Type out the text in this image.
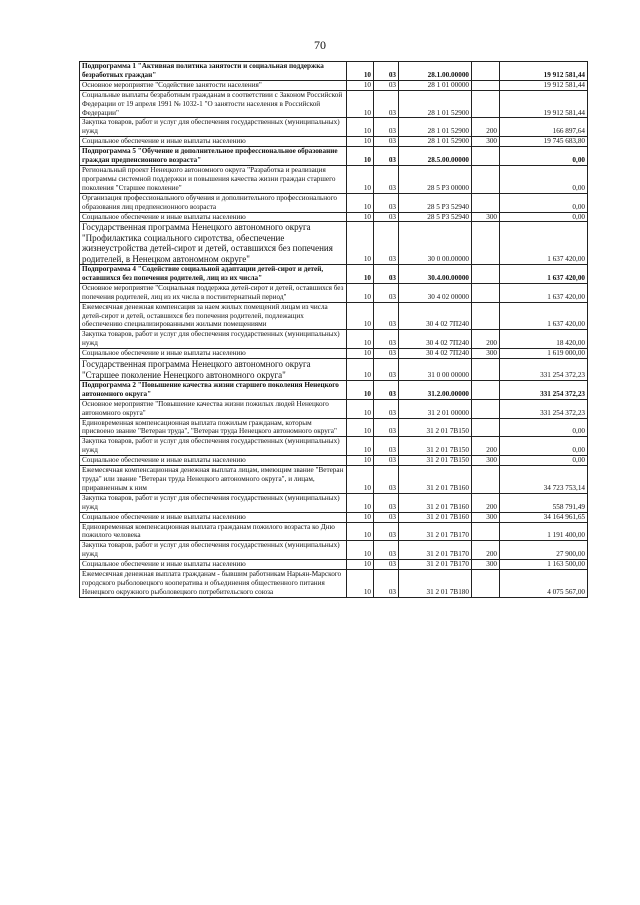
70
Подпрограмма 1 "Активная политика занятости и социальная поддержка безработных граждан"	10	03	28.1.00.00000		19 912 581,44
Основное мероприятие "Содействие занятости населения"	10	03	28 1 01 00000		19 912 581,44
Социальные выплаты безработным гражданам в соответствии с Законом Российской Федерации от 19 апреля 1991 № 1032-1 "О занятости населения в Российской Федерации"	10	03	28 1 01 52900		19 912 581,44
Закупка товаров, работ и услуг для обеспечения государственных (муниципальных) нужд	10	03	28 1 01 52900	200	166 897,64
Социальное обеспечение и иные выплаты населению	10	03	28 1 01 52900	300	19 745 683,80
Подпрограмма 5 "Обучение и дополнительное профессиональное образование граждан предпенсионного возраста"	10	03	28.5.00.00000		0,00
Региональный проект Ненецкого автономного округа "Разработка и реализация программы системной поддержки и повышения качества жизни граждан старшего поколения "Старшее поколение"	10	03	28 5 P3 00000		0,00
Организация профессионального обучения и дополнительного профессионального образования лиц предпенсионного возраста	10	03	28 5 P3 52940		0,00
Социальное обеспечение и иные выплаты населению	10	03	28 5 P3 52940	300	0,00
Государственная программа Ненецкого автономного округа "Профилактика социального сиротства, обеспечение жизнеустройства детей-сирот и детей, оставшихся без попечения родителей, в Ненецком автономном округе"	10	03	30 0 00.00000		1 637 420,00
Подпрограмма 4 "Содействие социальной адаптации детей-сирот и детей, оставшихся без попечения родителей, лиц из их числа"	10	03	30.4.00.00000		1 637 420,00
Основное мероприятие "Социальная поддержка детей-сирот и детей, оставшихся без попечения родителей, лиц из их числа в постинтернатный период"	10	03	30 4 02 00000		1 637 420,00
Ежемесячная денежная компенсация за наем жилых помещений лицам из числа детей-сирот и детей, оставшихся без попечения родителей, подлежащих обеспечению специализированными жилыми помещениями	10	03	30 4 02 7П240		1 637 420,00
Закупка товаров, работ и услуг для обеспечения государственных (муниципальных) нужд	10	03	30 4 02 7П240	200	18 420,00
Социальное обеспечение и иные выплаты населению	10	03	30 4 02 7П240	300	1 619 000,00
Государственная программа Ненецкого автономного округа "Старшее поколение Ненецкого автономного округа"	10	03	31 0 00 00000		331 254 372,23
Подпрограмма 2 "Повышение качества жизни старшего поколения Ненецкого автономного округа"	10	03	31.2.00.00000		331 254 372,23
Основное мероприятие "Повышение качества жизни пожилых людей Ненецкого автономного округа"	10	03	31 2 01 00000		331 254 372,23
Единовременная компенсационная выплата пожилым гражданам, которым присвоено звание "Ветеран труда", "Ветеран труда Ненецкого автономного округа"	10	03	31 2 01 7В150		0,00
Закупка товаров, работ и услуг для обеспечения государственных (муниципальных) нужд	10	03	31 2 01 7В150	200	0,00
Социальное обеспечение и иные выплаты населению	10	03	31 2 01 7В150	300	0,00
Ежемесячная компенсационная денежная выплата лицам, имеющим звание "Ветеран труда" или звание "Ветеран труда Ненецкого автономного округа", и лицам, приравненным к ним	10	03	31 2 01 7В160		34 723 753,14
Закупка товаров, работ и услуг для обеспечения государственных (муниципальных) нужд	10	03	31 2 01 7В160	200	558 791,49
Социальное обеспечение и иные выплаты населению	10	03	31 2 01 7В160	300	34 164 961,65
Единовременная компенсационная выплата гражданам пожилого возраста ко Дню пожилого человека	10	03	31 2 01 7В170		1 191 400,00
Закупка товаров, работ и услуг для обеспечения государственных (муниципальных) нужд	10	03	31 2 01 7В170	200	27 900,00
Социальное обеспечение и иные выплаты населению	10	03	31 2 01 7В170	300	1 163 500,00
Ежемесячная денежная выплата гражданам - бывшим работникам Нарьян-Марского городского рыболовецкого кооператива и объединения общественного питания Ненецкого окружного рыболовецкого потребительского союза	10	03	31 2 01 7В180		4 075 567,00
